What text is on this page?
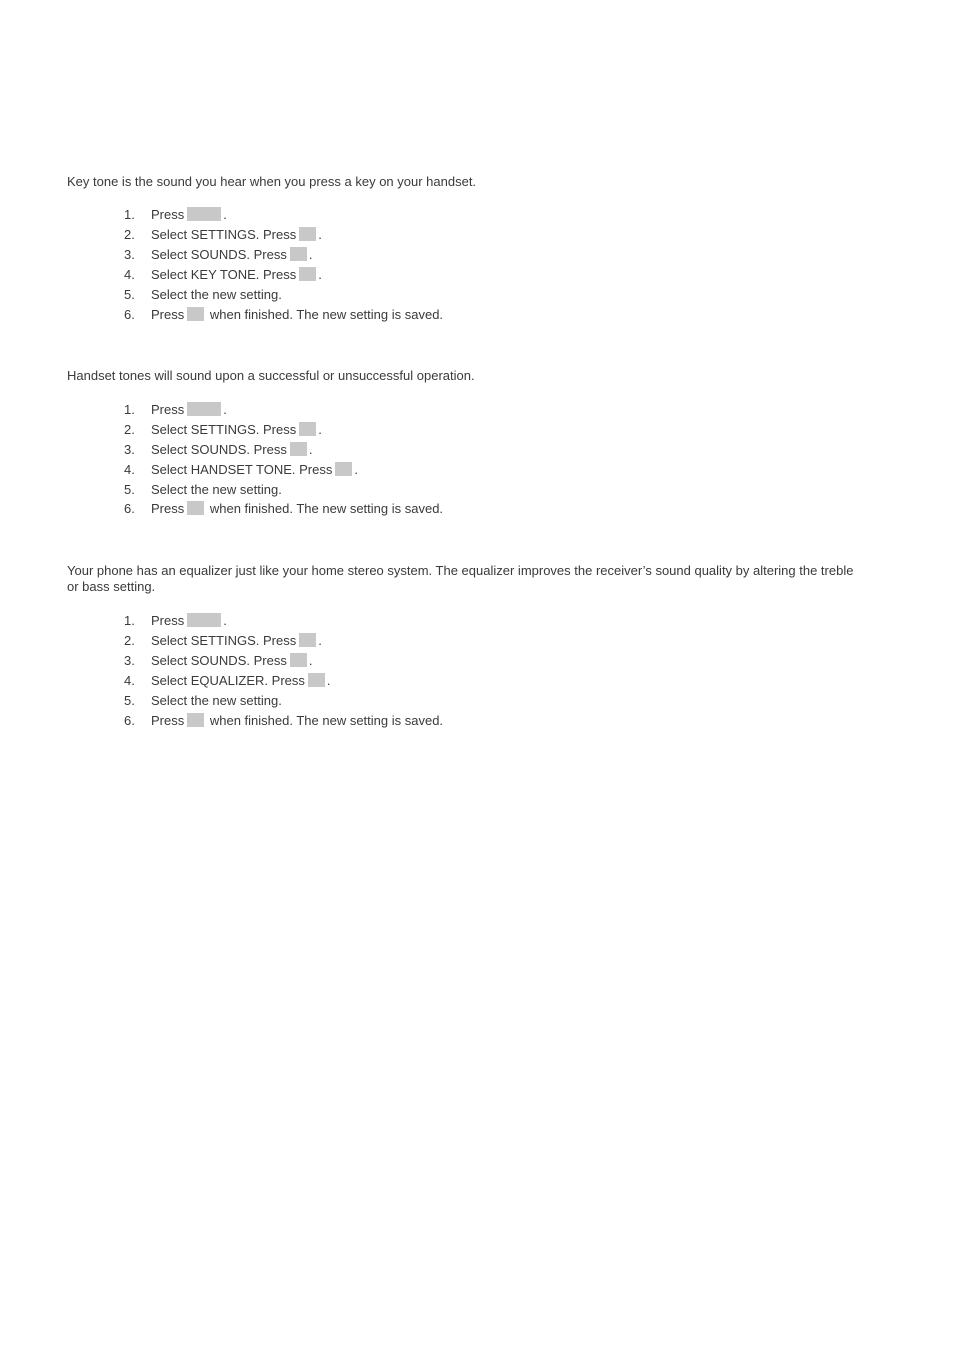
Key tone is the sound you hear when you press a key on your handset.

1. Press	.
2. Select SETTINGS. Press .
3. Select SOUNDS. Press .
4. Select KEY TONE. Press .
5. Select the new setting.
6. Press when finished. The new setting is saved.

Handset tones will sound upon a successful or unsuccessful operation.

1. Press	.
2. Select SETTINGS. Press .
3. Select SOUNDS. Press .
4. Select HANDSET TONE. Press .
5. Select the new setting.
6. Press when finished. The new setting is saved.

Your phone has an equalizer just like your home stereo system. The equalizer improves the receiver’s sound quality by altering the treble or bass setting.

1. Press	.
2. Select SETTINGS. Press .
3. Select SOUNDS. Press .
4. Select EQUALIZER. Press .
5. Select the new setting.
6. Press when finished. The new setting is saved.
